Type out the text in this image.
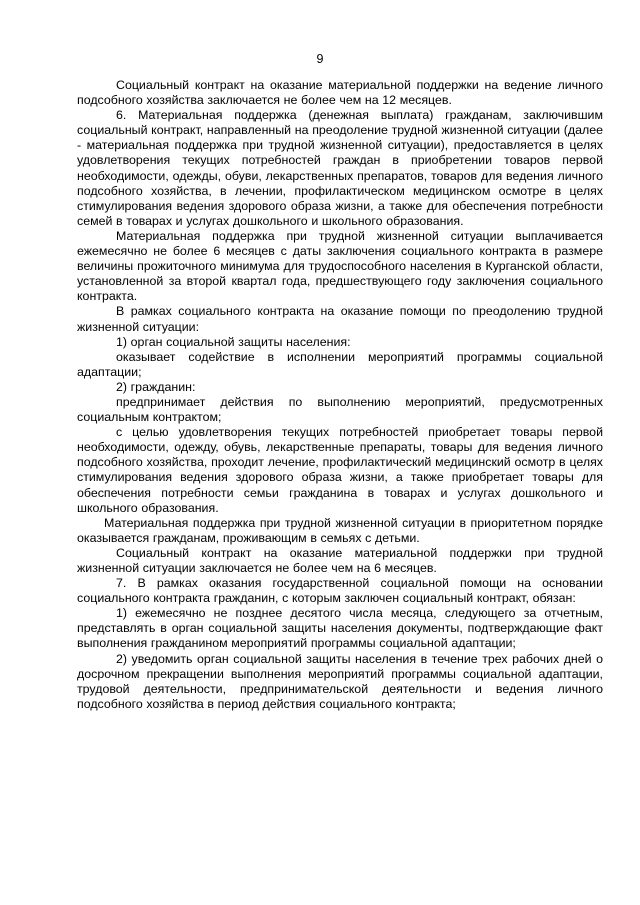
9

Социальный контракт на оказание материальной поддержки на ведение личного подсобного хозяйства заключается не более чем на 12 месяцев.

6. Материальная поддержка (денежная выплата) гражданам, заключившим социальный контракт, направленный на преодоление трудной жизненной ситуации (далее - материальная поддержка при трудной жизненной ситуации), предоставляется в целях удовлетворения текущих потребностей граждан в приобретении товаров первой необходимости, одежды, обуви, лекарственных препаратов, товаров для ведения личного подсобного хозяйства, в лечении, профилактическом медицинском осмотре в целях стимулирования ведения здорового образа жизни, а также для обеспечения потребности семей в товарах и услугах дошкольного и школьного образования.

Материальная поддержка при трудной жизненной ситуации выплачивается ежемесячно не более 6 месяцев с даты заключения социального контракта в размере величины прожиточного минимума для трудоспособного населения в Курганской области, установленной за второй квартал года, предшествующего году заключения социального контракта.

В рамках социального контракта на оказание помощи по преодолению трудной жизненной ситуации:

1) орган социальной защиты населения:

оказывает содействие в исполнении мероприятий программы социальной адаптации;

2) гражданин:

предпринимает действия по выполнению мероприятий, предусмотренных социальным контрактом;

с целью удовлетворения текущих потребностей приобретает товары первой необходимости, одежду, обувь, лекарственные препараты, товары для ведения личного подсобного хозяйства, проходит лечение, профилактический медицинский осмотр в целях стимулирования ведения здорового образа жизни, а также приобретает товары для обеспечения потребности семьи гражданина в товарах и услугах дошкольного и школьного образования.

Материальная поддержка при трудной жизненной ситуации в приоритетном порядке оказывается гражданам, проживающим в семьях с детьми.

Социальный контракт на оказание материальной поддержки при трудной жизненной ситуации заключается не более чем на 6 месяцев.

7. В рамках оказания государственной социальной помощи на основании социального контракта гражданин, с которым заключен социальный контракт, обязан:

1) ежемесячно не позднее десятого числа месяца, следующего за отчетным, представлять в орган социальной защиты населения документы, подтверждающие факт выполнения гражданином мероприятий программы социальной адаптации;

2) уведомить орган социальной защиты населения в течение трех рабочих дней о досрочном прекращении выполнения мероприятий программы социальной адаптации, трудовой деятельности, предпринимательской деятельности и ведения личного подсобного хозяйства в период действия социального контракта;
